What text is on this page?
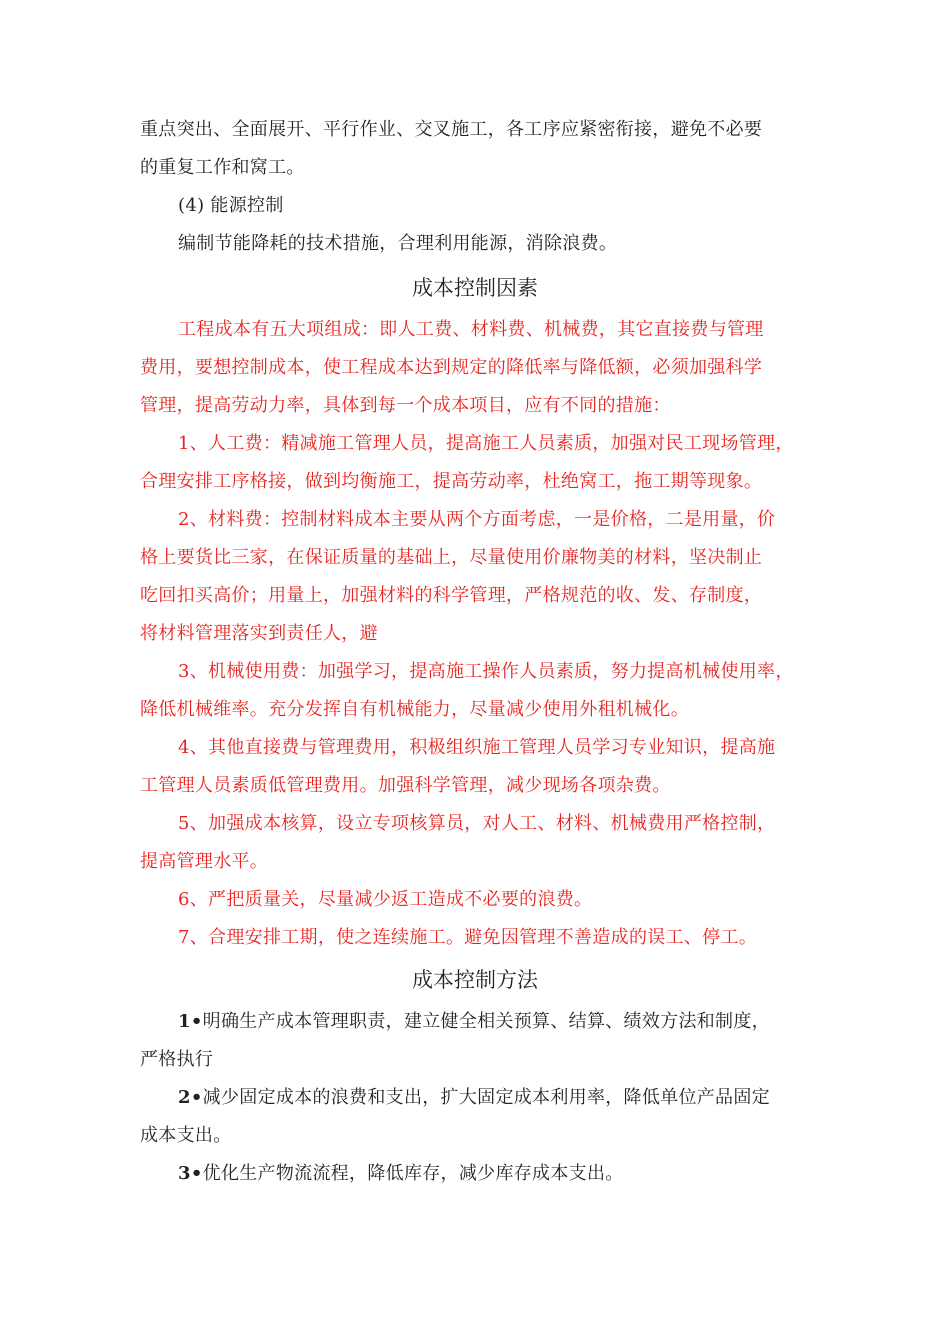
重点突出、全面展开、平行作业、交叉施工，各工序应紧密衔接，避免不必要
的重复工作和窝工。
(4) 能源控制
编制节能降耗的技术措施，合理利用能源，消除浪费。
成本控制因素
工程成本有五大项组成：即人工费、材料费、机械费，其它直接费与管理
费用，要想控制成本，使工程成本达到规定的降低率与降低额，必须加强科学
管理，提高劳动力率，具体到每一个成本项目，应有不同的措施：
1、人工费：精减施工管理人员，提高施工人员素质，加强对民工现场管理，
合理安排工序格接，做到均衡施工，提高劳动率，杜绝窝工，拖工期等现象。
2、材料费：控制材料成本主要从两个方面考虑，一是价格，二是用量，价
格上要货比三家，在保证质量的基础上，尽量使用价廉物美的材料，坚决制止
吃回扣买高价；用量上，加强材料的科学管理，严格规范的收、发、存制度，
将材料管理落实到责任人，避
3、机械使用费：加强学习，提高施工操作人员素质，努力提高机械使用率，
降低机械维率。充分发挥自有机械能力，尽量减少使用外租机械化。
4、其他直接费与管理费用，积极组织施工管理人员学习专业知识，提高施
工管理人员素质低管理费用。加强科学管理，减少现场各项杂费。
5、加强成本核算，设立专项核算员，对人工、材料、机械费用严格控制，
提高管理水平。
6、严把质量关，尽量减少返工造成不必要的浪费。
7、合理安排工期，使之连续施工。避免因管理不善造成的误工、停工。
成本控制方法
1•明确生产成本管理职责，建立健全相关预算、结算、绩效方法和制度，
严格执行
2•减少固定成本的浪费和支出，扩大固定成本利用率，降低单位产品固定
成本支出。
3•优化生产物流流程，降低库存，减少库存成本支出。
